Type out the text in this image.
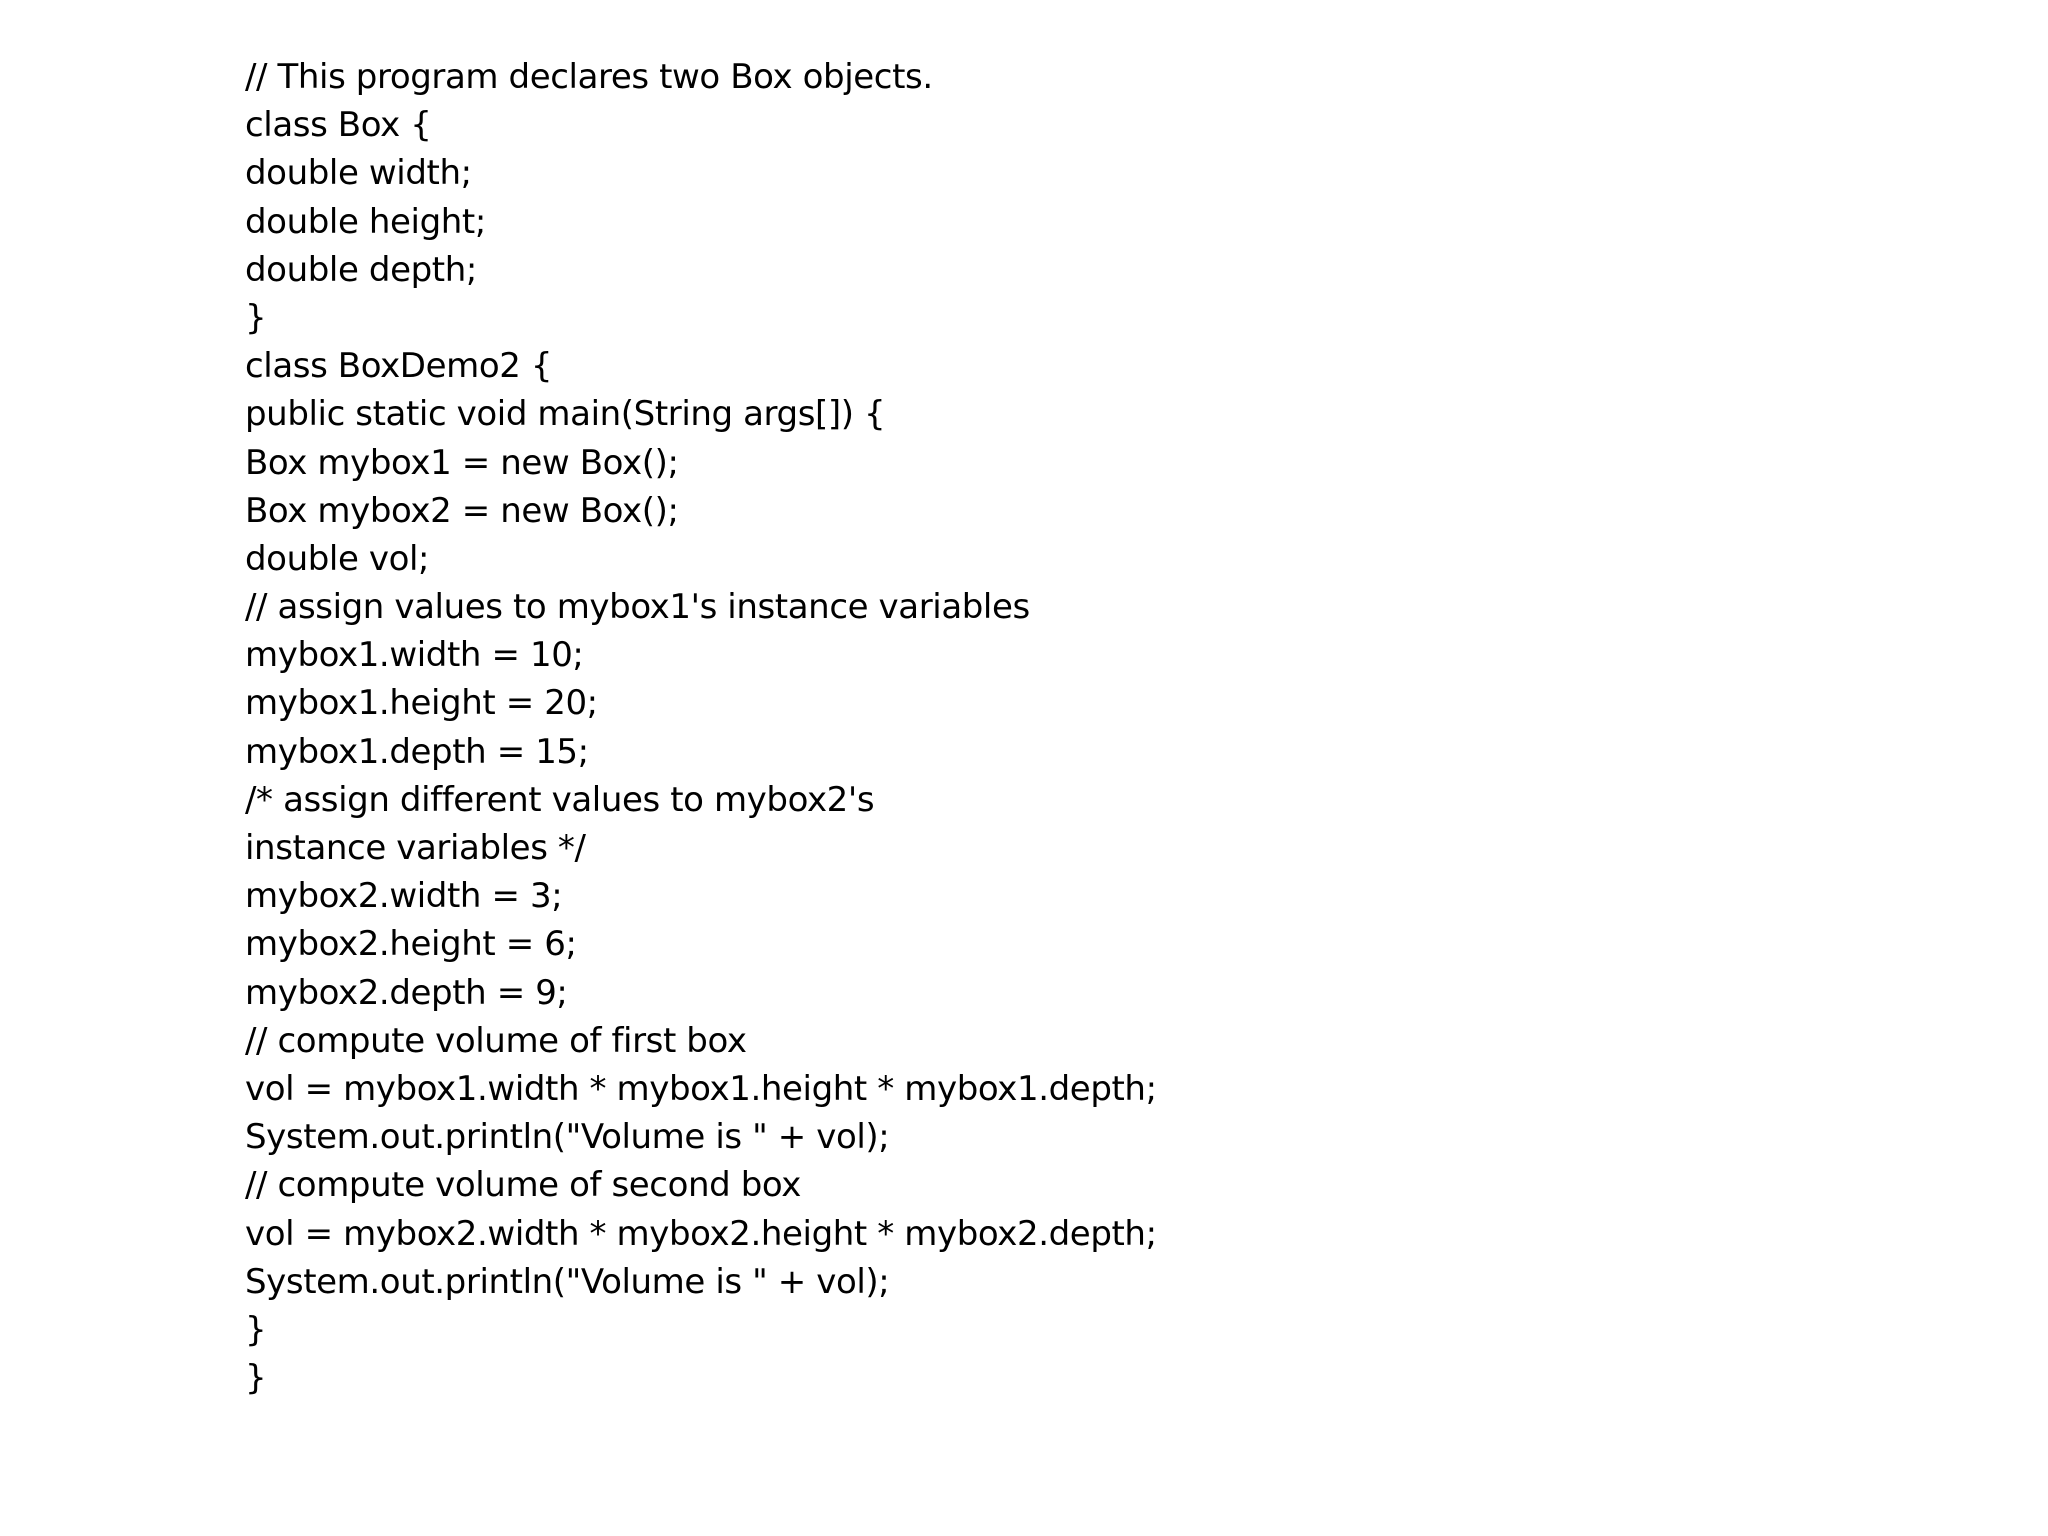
// This program declares two Box objects.
class Box {
double width;
double height;
double depth;
}
class BoxDemo2 {
public static void main(String args[]) {
Box mybox1 = new Box();
Box mybox2 = new Box();
double vol;
// assign values to mybox1's instance variables
mybox1.width = 10;
mybox1.height = 20;
mybox1.depth = 15;
/* assign different values to mybox2's
instance variables */
mybox2.width = 3;
mybox2.height = 6;
mybox2.depth = 9;
// compute volume of first box
vol = mybox1.width * mybox1.height * mybox1.depth;
System.out.println("Volume is " + vol);
// compute volume of second box
vol = mybox2.width * mybox2.height * mybox2.depth;
System.out.println("Volume is " + vol);
}
}
